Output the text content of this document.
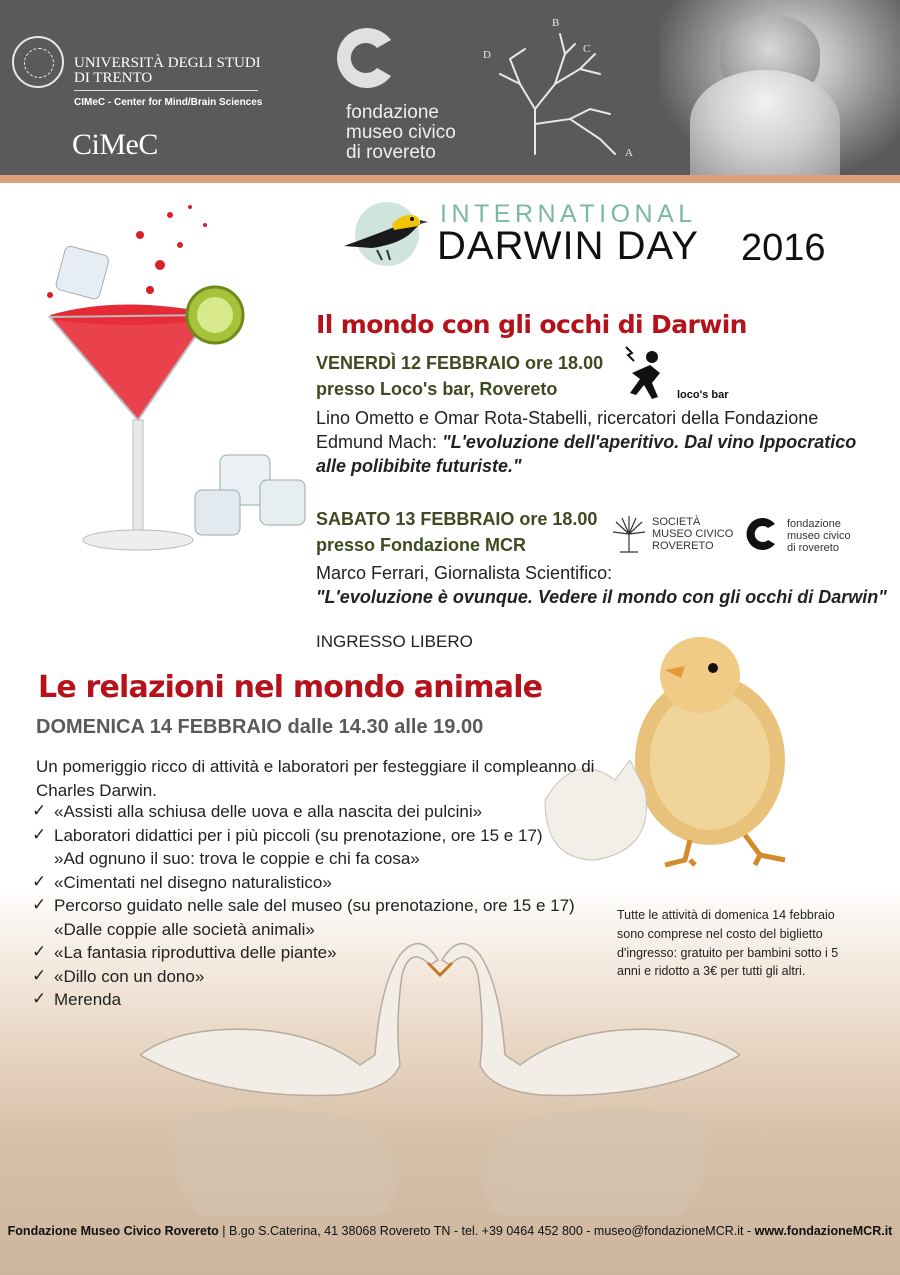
UNIVERSITÀ DEGLI STUDI
DI TRENTO
CIMeC - Center for Mind/Brain Sciences
CiMeC
fondazione
museo civico
di rovereto
B
C
A
D
INTERNATIONAL
DARWIN DAY 2016
Il mondo con gli occhi di Darwin
VENERDÌ 12 FEBBRAIO ore 18.00
presso Loco's bar, Rovereto	loco's bar
Lino Ometto e Omar Rota-Stabelli, ricercatori della Fondazione Edmund Mach: "L'evoluzione dell'aperitivo. Dal vino Ippocratico alle polibibite futuriste."
SABATO 13 FEBBRAIO ore 18.00
presso Fondazione MCR
SOCIETÀ
MUSEO CIVICO
ROVERETO
fondazione
museo civico
di rovereto
Marco Ferrari, Giornalista Scientifico:
"L'evoluzione è ovunque. Vedere il mondo con gli occhi di Darwin"
INGRESSO LIBERO
Le relazioni nel mondo animale
DOMENICA 14 FEBBRAIO dalle 14.30 alle 19.00
Un pomeriggio ricco di attività e laboratori per festeggiare il compleanno di Charles Darwin.
✓ «Assisti alla schiusa delle uova e alla nascita dei pulcini»
✓ Laboratori didattici per i più piccoli (su prenotazione, ore 15 e 17)
»Ad ognuno il suo: trova le coppie e chi fa cosa»
✓ «Cimentati nel disegno naturalistico»
✓ Percorso guidato nelle sale del museo (su prenotazione, ore 15 e 17)
«Dalle coppie alle società animali»
✓ «La fantasia riproduttiva delle piante»
✓ «Dillo con un dono»
✓ Merenda
Tutte le attività di domenica 14 febbraio sono comprese nel costo del biglietto d'ingresso: gratuito per bambini sotto i 5 anni e ridotto a 3€ per tutti gli altri.
Fondazione Museo Civico Rovereto | B.go S.Caterina, 41 38068 Rovereto TN - tel. +39 0464 452 800 - museo@fondazioneMCR.it - www.fondazioneMCR.it
